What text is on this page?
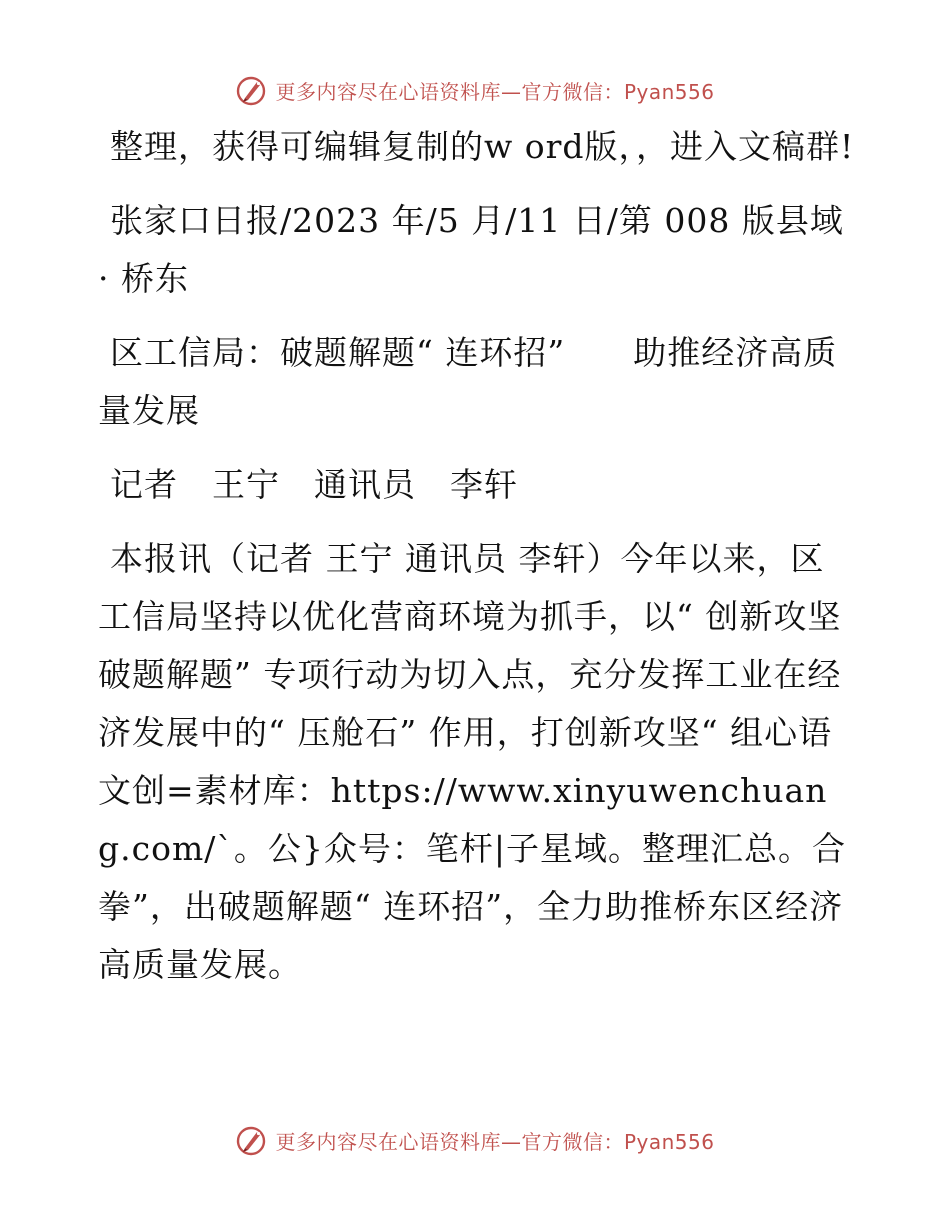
更多内容尽在心语资料库—官方微信：Pyan556

整理，获得可编辑复制的w ord版，，进入文稿群!

张家口日报/2023 年/5 月/11 日/第 008 版县域 · 桥东

区工信局：破题解题“ 连环招”　　助推经济高质量发展

记者　王宁　通讯员　李轩

本报讯（记者 王宁 通讯员 李轩）今年以来，区工信局坚持以优化营商环境为抓手，以“ 创新攻坚破题解题” 专项行动为切入点，充分发挥工业在经济发展中的“ 压舱石” 作用，打创新攻坚“ 组心语文创=素材库：https://www.xinyuwenchuang.com/`。公}众号：笔杆|子星域。整理汇总。合拳”，出破题解题“ 连环招”，全力助推桥东区经济高质量发展。

更多内容尽在心语资料库—官方微信：Pyan556
